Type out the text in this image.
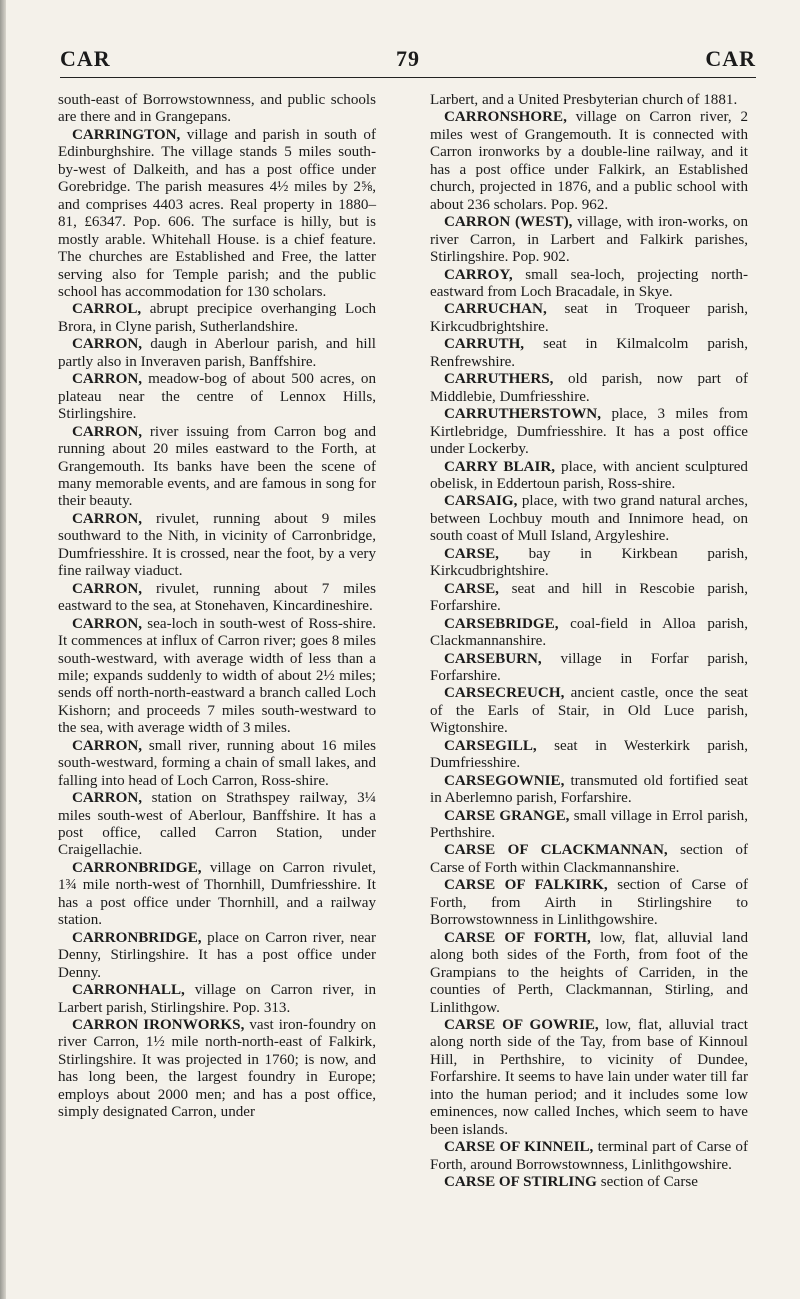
CAR	79	CAR

south-east of Borrowstownness, and public schools are there and in Grangepans.

CARRINGTON, village and parish in south of Edinburghshire. The village stands 5 miles south-by-west of Dalkeith, and has a post office under Gorebridge. The parish measures 4½ miles by 2⅝, and comprises 4403 acres. Real property in 1880–81, £6347. Pop. 606. The surface is hilly, but is mostly arable. Whitehall House. is a chief feature. The churches are Established and Free, the latter serving also for Temple parish; and the public school has accommodation for 130 scholars.

CARROL, abrupt precipice overhanging Loch Brora, in Clyne parish, Sutherlandshire.

CARRON, daugh in Aberlour parish, and hill partly also in Inveraven parish, Banffshire.

CARRON, meadow-bog of about 500 acres, on plateau near the centre of Lennox Hills, Stirlingshire.

CARRON, river issuing from Carron bog and running about 20 miles eastward to the Forth, at Grangemouth. Its banks have been the scene of many memorable events, and are famous in song for their beauty.

CARRON, rivulet, running about 9 miles southward to the Nith, in vicinity of Carronbridge, Dumfriesshire. It is crossed, near the foot, by a very fine railway viaduct.

CARRON, rivulet, running about 7 miles eastward to the sea, at Stonehaven, Kincardineshire.

CARRON, sea-loch in south-west of Ross-shire. It commences at influx of Carron river; goes 8 miles south-westward, with average width of less than a mile; expands suddenly to width of about 2½ miles; sends off north-north-eastward a branch called Loch Kishorn; and proceeds 7 miles south-westward to the sea, with average width of 3 miles.

CARRON, small river, running about 16 miles south-westward, forming a chain of small lakes, and falling into head of Loch Carron, Ross-shire.

CARRON, station on Strathspey railway, 3¼ miles south-west of Aberlour, Banffshire. It has a post office, called Carron Station, under Craigellachie.

CARRONBRIDGE, village on Carron rivulet, 1¾ mile north-west of Thornhill, Dumfriesshire. It has a post office under Thornhill, and a railway station.

CARRONBRIDGE, place on Carron river, near Denny, Stirlingshire. It has a post office under Denny.

CARRONHALL, village on Carron river, in Larbert parish, Stirlingshire. Pop. 313.

CARRON IRONWORKS, vast iron-foundry on river Carron, 1½ mile north-north-east of Falkirk, Stirlingshire. It was projected in 1760; is now, and has long been, the largest foundry in Europe; employs about 2000 men; and has a post office, simply designated Carron, under

Larbert, and a United Presbyterian church of 1881.

CARRONSHORE, village on Carron river, 2 miles west of Grangemouth. It is connected with Carron ironworks by a double-line railway, and it has a post office under Falkirk, an Established church, projected in 1876, and a public school with about 236 scholars. Pop. 962.

CARRON (WEST), village, with iron-works, on river Carron, in Larbert and Falkirk parishes, Stirlingshire. Pop. 902.

CARROY, small sea-loch, projecting north-eastward from Loch Bracadale, in Skye.

CARRUCHAN, seat in Troqueer parish, Kirkcudbrightshire.

CARRUTH, seat in Kilmalcolm parish, Renfrewshire.

CARRUTHERS, old parish, now part of Middlebie, Dumfriesshire.

CARRUTHERSTOWN, place, 3 miles from Kirtlebridge, Dumfriesshire. It has a post office under Lockerby.

CARRY BLAIR, place, with ancient sculptured obelisk, in Eddertoun parish, Ross-shire.

CARSAIG, place, with two grand natural arches, between Lochbuy mouth and Innimore head, on south coast of Mull Island, Argyleshire.

CARSE, bay in Kirkbean parish, Kirkcudbrightshire.

CARSE, seat and hill in Rescobie parish, Forfarshire.

CARSEBRIDGE, coal-field in Alloa parish, Clackmannanshire.

CARSEBURN, village in Forfar parish, Forfarshire.

CARSECREUCH, ancient castle, once the seat of the Earls of Stair, in Old Luce parish, Wigtonshire.

CARSEGILL, seat in Westerkirk parish, Dumfriesshire.

CARSEGOWNIE, transmuted old fortified seat in Aberlemno parish, Forfarshire.

CARSE GRANGE, small village in Errol parish, Perthshire.

CARSE OF CLACKMANNAN, section of Carse of Forth within Clackmannanshire.

CARSE OF FALKIRK, section of Carse of Forth, from Airth in Stirlingshire to Borrowstownness in Linlithgowshire.

CARSE OF FORTH, low, flat, alluvial land along both sides of the Forth, from foot of the Grampians to the heights of Carriden, in the counties of Perth, Clackmannan, Stirling, and Linlithgow.

CARSE OF GOWRIE, low, flat, alluvial tract along north side of the Tay, from base of Kinnoul Hill, in Perthshire, to vicinity of Dundee, Forfarshire. It seems to have lain under water till far into the human period; and it includes some low eminences, now called Inches, which seem to have been islands.

CARSE OF KINNEIL, terminal part of Carse of Forth, around Borrowstownness, Linlithgowshire.

CARSE OF STIRLING section of Carse
